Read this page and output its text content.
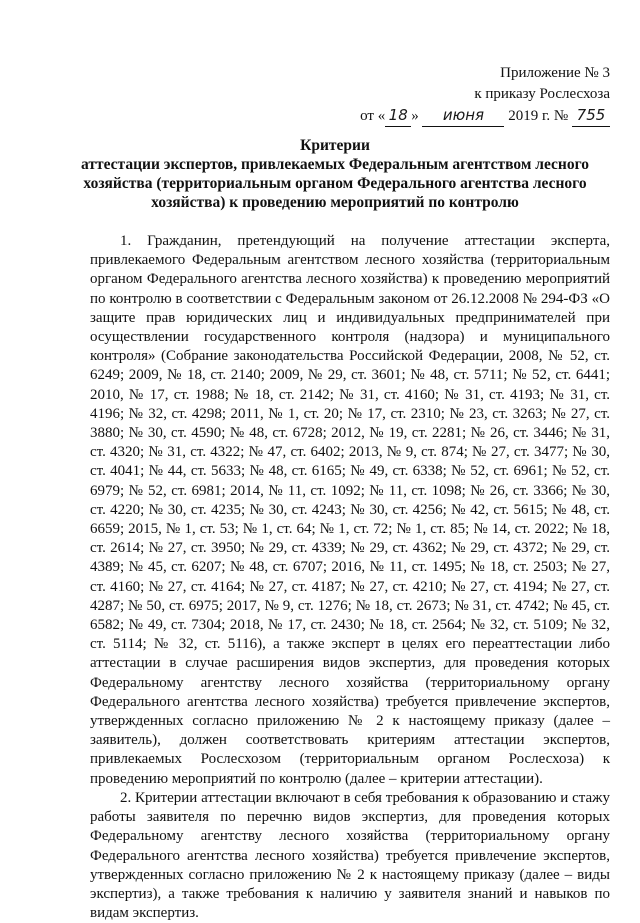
Приложение № 3
к приказу Рослесхоза
от « 18 » июня 2019 г. № 755
Критерии
аттестации экспертов, привлекаемых Федеральным агентством лесного хозяйства (территориальным органом Федерального агентства лесного хозяйства) к проведению мероприятий по контролю

1. Гражданин, претендующий на получение аттестации эксперта, привлекаемого Федеральным агентством лесного хозяйства (территориальным органом Федерального агентства лесного хозяйства) к проведению мероприятий по контролю в соответствии с Федеральным законом от 26.12.2008 № 294-ФЗ «О защите прав юридических лиц и индивидуальных предпринимателей при осуществлении государственного контроля (надзора) и муниципального контроля» (Собрание законодательства Российской Федерации, 2008, № 52, ст. 6249; 2009, № 18, ст. 2140; 2009, № 29, ст. 3601; № 48, ст. 5711; № 52, ст. 6441; 2010, № 17, ст. 1988; № 18, ст. 2142; № 31, ст. 4160; № 31, ст. 4193; № 31, ст. 4196; № 32, ст. 4298; 2011, № 1, ст. 20; № 17, ст. 2310; № 23, ст. 3263; № 27, ст. 3880; № 30, ст. 4590; № 48, ст. 6728; 2012, № 19, ст. 2281; № 26, ст. 3446; № 31, ст. 4320; № 31, ст. 4322; № 47, ст. 6402; 2013, № 9, ст. 874; № 27, ст. 3477; № 30, ст. 4041; № 44, ст. 5633; № 48, ст. 6165; № 49, ст. 6338; № 52, ст. 6961; № 52, ст. 6979; № 52, ст. 6981; 2014, № 11, ст. 1092; № 11, ст. 1098; № 26, ст. 3366; № 30, ст. 4220; № 30, ст. 4235; № 30, ст. 4243; № 30, ст. 4256; № 42, ст. 5615; № 48, ст. 6659; 2015, № 1, ст. 53; № 1, ст. 64; № 1, ст. 72; № 1, ст. 85; № 14, ст. 2022; № 18, ст. 2614; № 27, ст. 3950; № 29, ст. 4339; № 29, ст. 4362; № 29, ст. 4372; № 29, ст. 4389; № 45, ст. 6207; № 48, ст. 6707; 2016, № 11, ст. 1495; № 18, ст. 2503; № 27, ст. 4160; № 27, ст. 4164; № 27, ст. 4187; № 27, ст. 4210; № 27, ст. 4194; № 27, ст. 4287; № 50, ст. 6975; 2017, № 9, ст. 1276; № 18, ст. 2673; № 31, ст. 4742; № 45, ст. 6582; № 49, ст. 7304; 2018, № 17, ст. 2430; № 18, ст. 2564; № 32, ст. 5109; № 32, ст. 5114; № 32, ст. 5116), а также эксперт в целях его переаттестации либо аттестации в случае расширения видов экспертиз, для проведения которых Федеральному агентству лесного хозяйства (территориальному органу Федерального агентства лесного хозяйства) требуется привлечение экспертов, утвержденных согласно приложению № 2 к настоящему приказу (далее – заявитель), должен соответствовать критериям аттестации экспертов, привлекаемых Рослесхозом (территориальным органом Рослесхоза) к проведению мероприятий по контролю (далее – критерии аттестации).

2. Критерии аттестации включают в себя требования к образованию и стажу работы заявителя по перечню видов экспертиз, для проведения которых Федеральному агентству лесного хозяйства (территориальному органу Федерального агентства лесного хозяйства) требуется привлечение экспертов, утвержденных согласно приложению № 2 к настоящему приказу (далее – виды экспертиз), а также требования к наличию у заявителя знаний и навыков по видам экспертиз.
